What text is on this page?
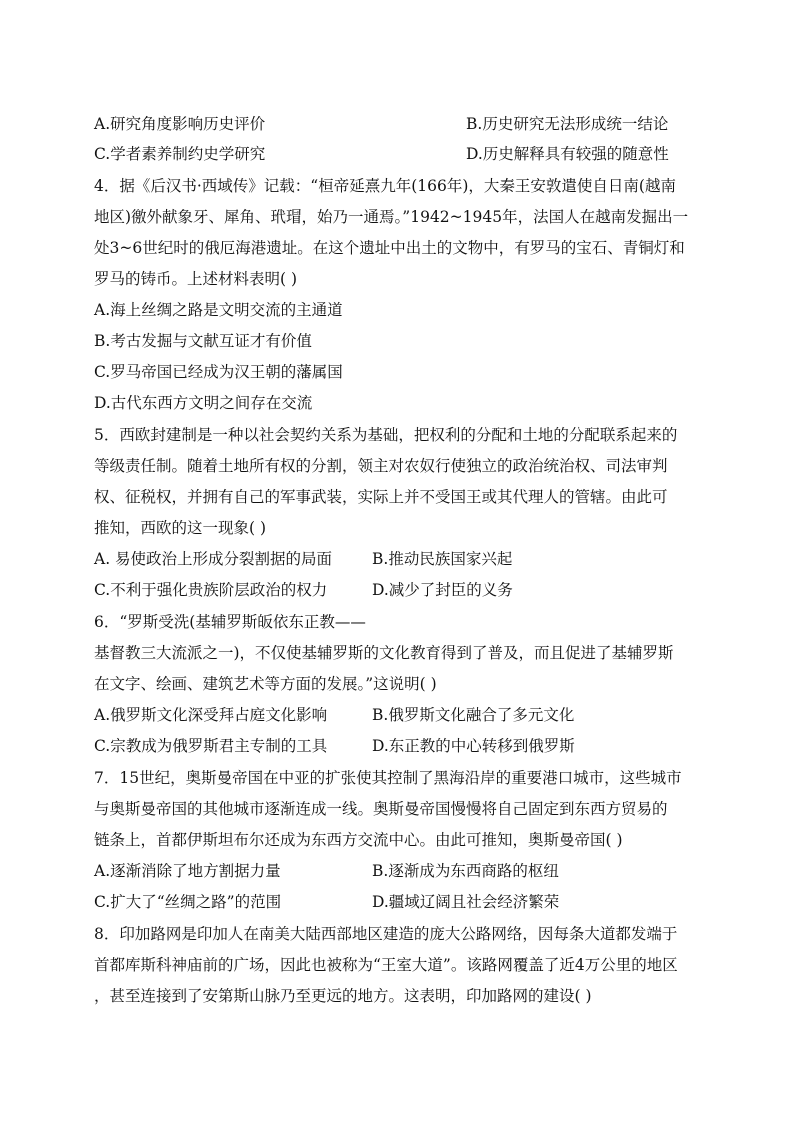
A.研究角度影响历史评价	B.历史研究无法形成统一结论
C.学者素养制约史学研究	D.历史解释具有较强的随意性
4．据《后汉书·西域传》记载：“桓帝延熹九年(166年)，大秦王安敦遣使自日南(越南
地区)徼外献象牙、犀角、玳瑁，始乃一通焉。”1942~1945年，法国人在越南发掘出一
处3~6世纪时的俄厄海港遗址。在这个遗址中出土的文物中，有罗马的宝石、青铜灯和
罗马的铸币。上述材料表明( )
A.海上丝绸之路是文明交流的主通道
B.考古发掘与文献互证才有价值
C.罗马帝国已经成为汉王朝的藩属国
D.古代东西方文明之间存在交流
5．西欧封建制是一种以社会契约关系为基础，把权利的分配和土地的分配联系起来的
等级责任制。随着土地所有权的分割，领主对农奴行使独立的政治统治权、司法审判
权、征税权，并拥有自己的军事武装，实际上并不受国王或其代理人的管辖。由此可
推知，西欧的这一现象( )
A. 易使政治上形成分裂割据的局面	B.推动民族国家兴起
C.不利于强化贵族阶层政治的权力	D.减少了封臣的义务
6．“罗斯受洗(基辅罗斯皈依东正教——
基督教三大流派之一)，不仅使基辅罗斯的文化教育得到了普及，而且促进了基辅罗斯
在文字、绘画、建筑艺术等方面的发展。”这说明( )
A.俄罗斯文化深受拜占庭文化影响	B.俄罗斯文化融合了多元文化
C.宗教成为俄罗斯君主专制的工具	D.东正教的中心转移到俄罗斯
7．15世纪，奥斯曼帝国在中亚的扩张使其控制了黑海沿岸的重要港口城市，这些城市
与奥斯曼帝国的其他城市逐渐连成一线。奥斯曼帝国慢慢将自己固定到东西方贸易的
链条上，首都伊斯坦布尔还成为东西方交流中心。由此可推知，奥斯曼帝国( )
A.逐渐消除了地方割据力量	B.逐渐成为东西商路的枢纽
C.扩大了“丝绸之路”的范围	D.疆域辽阔且社会经济繁荣
8．印加路网是印加人在南美大陆西部地区建造的庞大公路网络，因每条大道都发端于
首都库斯科神庙前的广场，因此也被称为“王室大道”。该路网覆盖了近4万公里的地区
，甚至连接到了安第斯山脉乃至更远的地方。这表明，印加路网的建设( )
